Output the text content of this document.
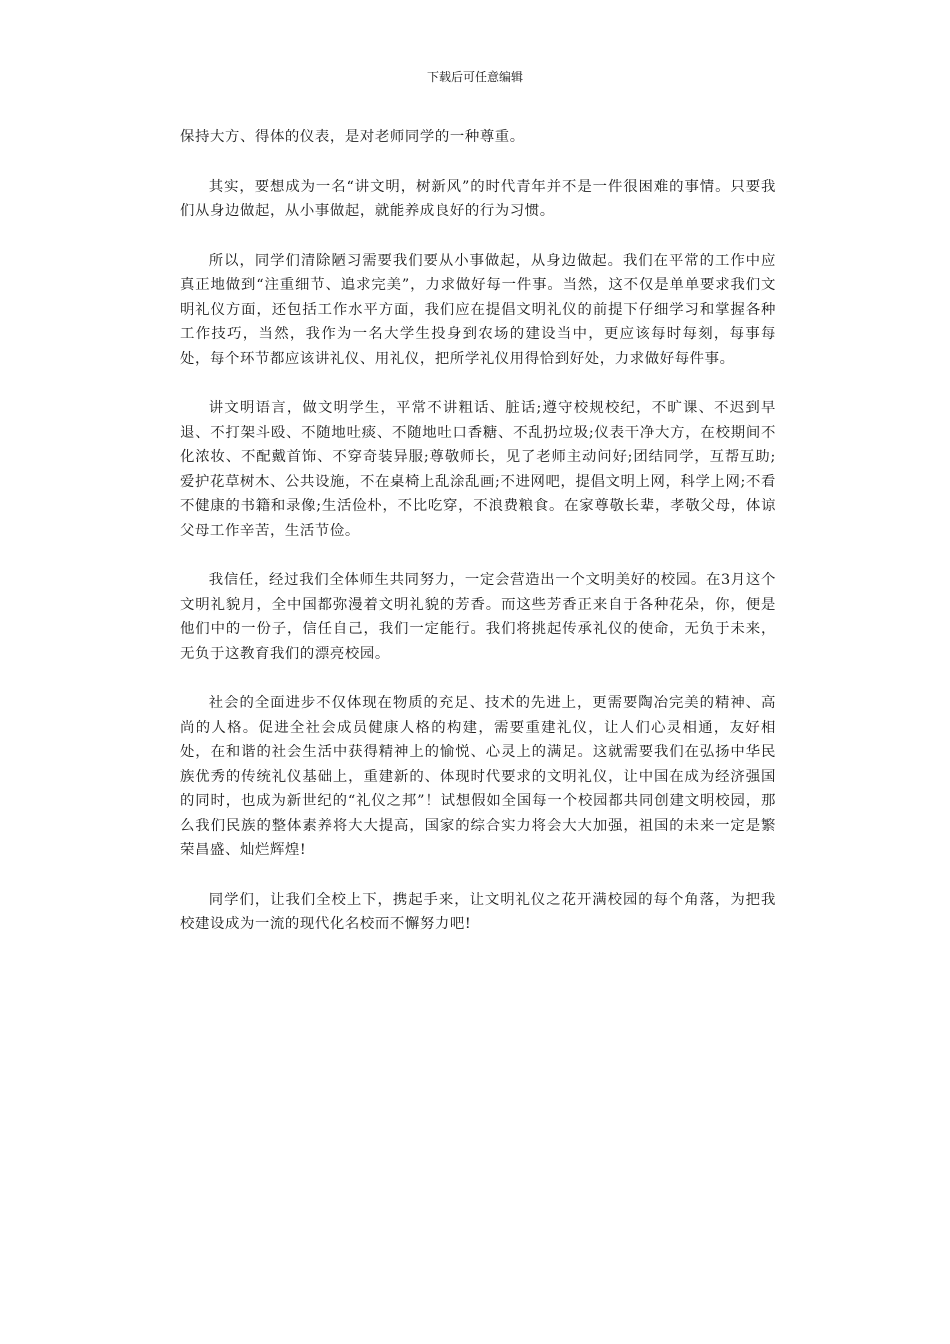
下载后可任意编辑

保持大方、得体的仪表，是对老师同学的一种尊重。

其实，要想成为一名“讲文明，树新风”的时代青年并不是一件很困难的事情。只要我们从身边做起，从小事做起，就能养成良好的行为习惯。

所以，同学们清除陋习需要我们要从小事做起，从身边做起。我们在平常的工作中应真正地做到“注重细节、追求完美”，力求做好每一件事。当然，这不仅是单单要求我们文明礼仪方面，还包括工作水平方面，我们应在提倡文明礼仪的前提下仔细学习和掌握各种工作技巧，当然，我作为一名大学生投身到农场的建设当中，更应该每时每刻，每事每处，每个环节都应该讲礼仪、用礼仪，把所学礼仪用得恰到好处，力求做好每件事。

讲文明语言，做文明学生，平常不讲粗话、脏话;遵守校规校纪，不旷课、不迟到早退、不打架斗殴、不随地吐痰、不随地吐口香糖、不乱扔垃圾;仪表干净大方，在校期间不化浓妆、不配戴首饰、不穿奇装异服;尊敬师长，见了老师主动问好;团结同学，互帮互助;爱护花草树木、公共设施，不在桌椅上乱涂乱画;不进网吧，提倡文明上网，科学上网;不看不健康的书籍和录像;生活俭朴，不比吃穿，不浪费粮食。在家尊敬长辈，孝敬父母，体谅父母工作辛苦，生活节俭。

我信任，经过我们全体师生共同努力，一定会营造出一个文明美好的校园。在3月这个文明礼貌月，全中国都弥漫着文明礼貌的芳香。而这些芳香正来自于各种花朵，你，便是他们中的一份子，信任自己，我们一定能行。我们将挑起传承礼仪的使命，无负于未来，无负于这教育我们的漂亮校园。

社会的全面进步不仅体现在物质的充足、技术的先进上，更需要陶冶完美的精神、高尚的人格。促进全社会成员健康人格的构建，需要重建礼仪，让人们心灵相通，友好相处，在和谐的社会生活中获得精神上的愉悦、心灵上的满足。这就需要我们在弘扬中华民族优秀的传统礼仪基础上，重建新的、体现时代要求的文明礼仪，让中国在成为经济强国的同时，也成为新世纪的“礼仪之邦”！试想假如全国每一个校园都共同创建文明校园，那么我们民族的整体素养将大大提高，国家的综合实力将会大大加强，祖国的未来一定是繁荣昌盛、灿烂辉煌!

同学们，让我们全校上下，携起手来，让文明礼仪之花开满校园的每个角落，为把我校建设成为一流的现代化名校而不懈努力吧!
